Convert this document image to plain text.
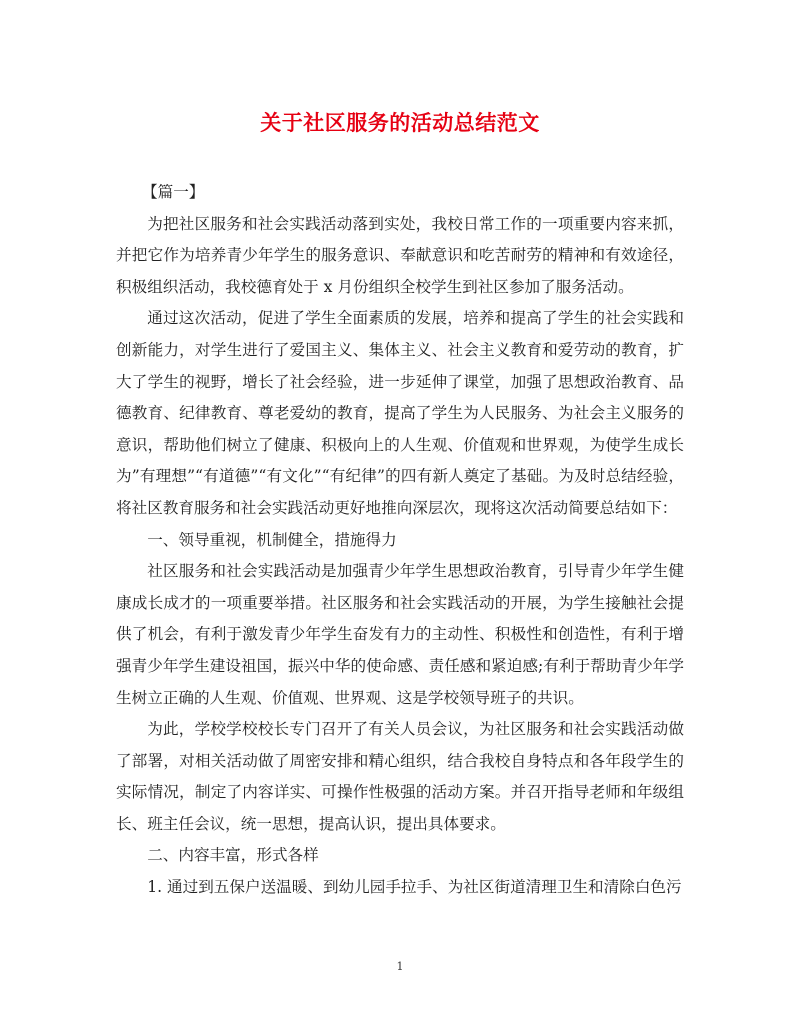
关于社区服务的活动总结范文

【篇一】

为把社区服务和社会实践活动落到实处，我校日常工作的一项重要内容来抓，并把它作为培养青少年学生的服务意识、奉献意识和吃苦耐劳的精神和有效途径，积极组织活动，我校德育处于 x 月份组织全校学生到社区参加了服务活动。

通过这次活动，促进了学生全面素质的发展，培养和提高了学生的社会实践和创新能力，对学生进行了爱国主义、集体主义、社会主义教育和爱劳动的教育，扩大了学生的视野，增长了社会经验，进一步延伸了课堂，加强了思想政治教育、品德教育、纪律教育、尊老爱幼的教育，提高了学生为人民服务、为社会主义服务的意识，帮助他们树立了健康、积极向上的人生观、价值观和世界观，为使学生成长为”有理想”“有道德”“有文化”“有纪律”的四有新人奠定了基础。为及时总结经验，将社区教育服务和社会实践活动更好地推向深层次，现将这次活动简要总结如下：

一、领导重视，机制健全，措施得力

社区服务和社会实践活动是加强青少年学生思想政治教育，引导青少年学生健康成长成才的一项重要举措。社区服务和社会实践活动的开展，为学生接触社会提供了机会，有利于激发青少年学生奋发有力的主动性、积极性和创造性，有利于增强青少年学生建设祖国，振兴中华的使命感、责任感和紧迫感;有利于帮助青少年学生树立正确的人生观、价值观、世界观、这是学校领导班子的共识。

为此，学校学校校长专门召开了有关人员会议，为社区服务和社会实践活动做了部署，对相关活动做了周密安排和精心组织，结合我校自身特点和各年段学生的实际情况，制定了内容详实、可操作性极强的活动方案。并召开指导老师和年级组长、班主任会议，统一思想，提高认识，提出具体要求。

二、内容丰富，形式各样

1. 通过到五保户送温暖、到幼儿园手拉手、为社区街道清理卫生和清除白色污

1
